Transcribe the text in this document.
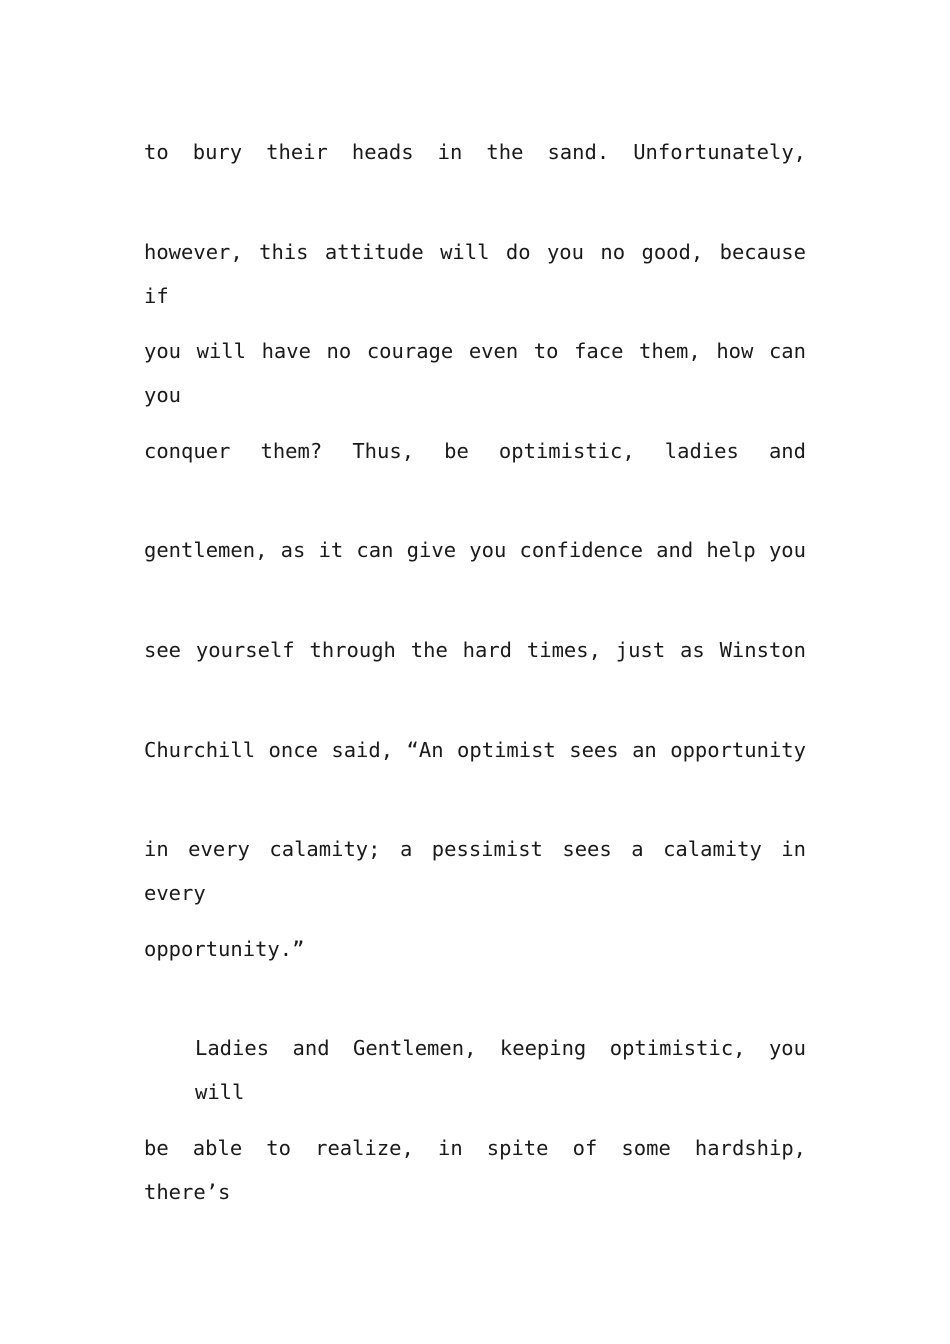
to bury their heads in the sand. Unfortunately,
however, this attitude will do you no good, because if
you will have no courage even to face them, how can you
conquer them? Thus, be optimistic, ladies and
gentlemen, as it can give you confidence and help you
see yourself through the hard times, just as Winston
Churchill once said, “An optimist sees an opportunity
in every calamity; a pessimist sees a calamity in every
opportunity.”
Ladies and Gentlemen, keeping optimistic, you will
be able to realize, in spite of some hardship, there’s
